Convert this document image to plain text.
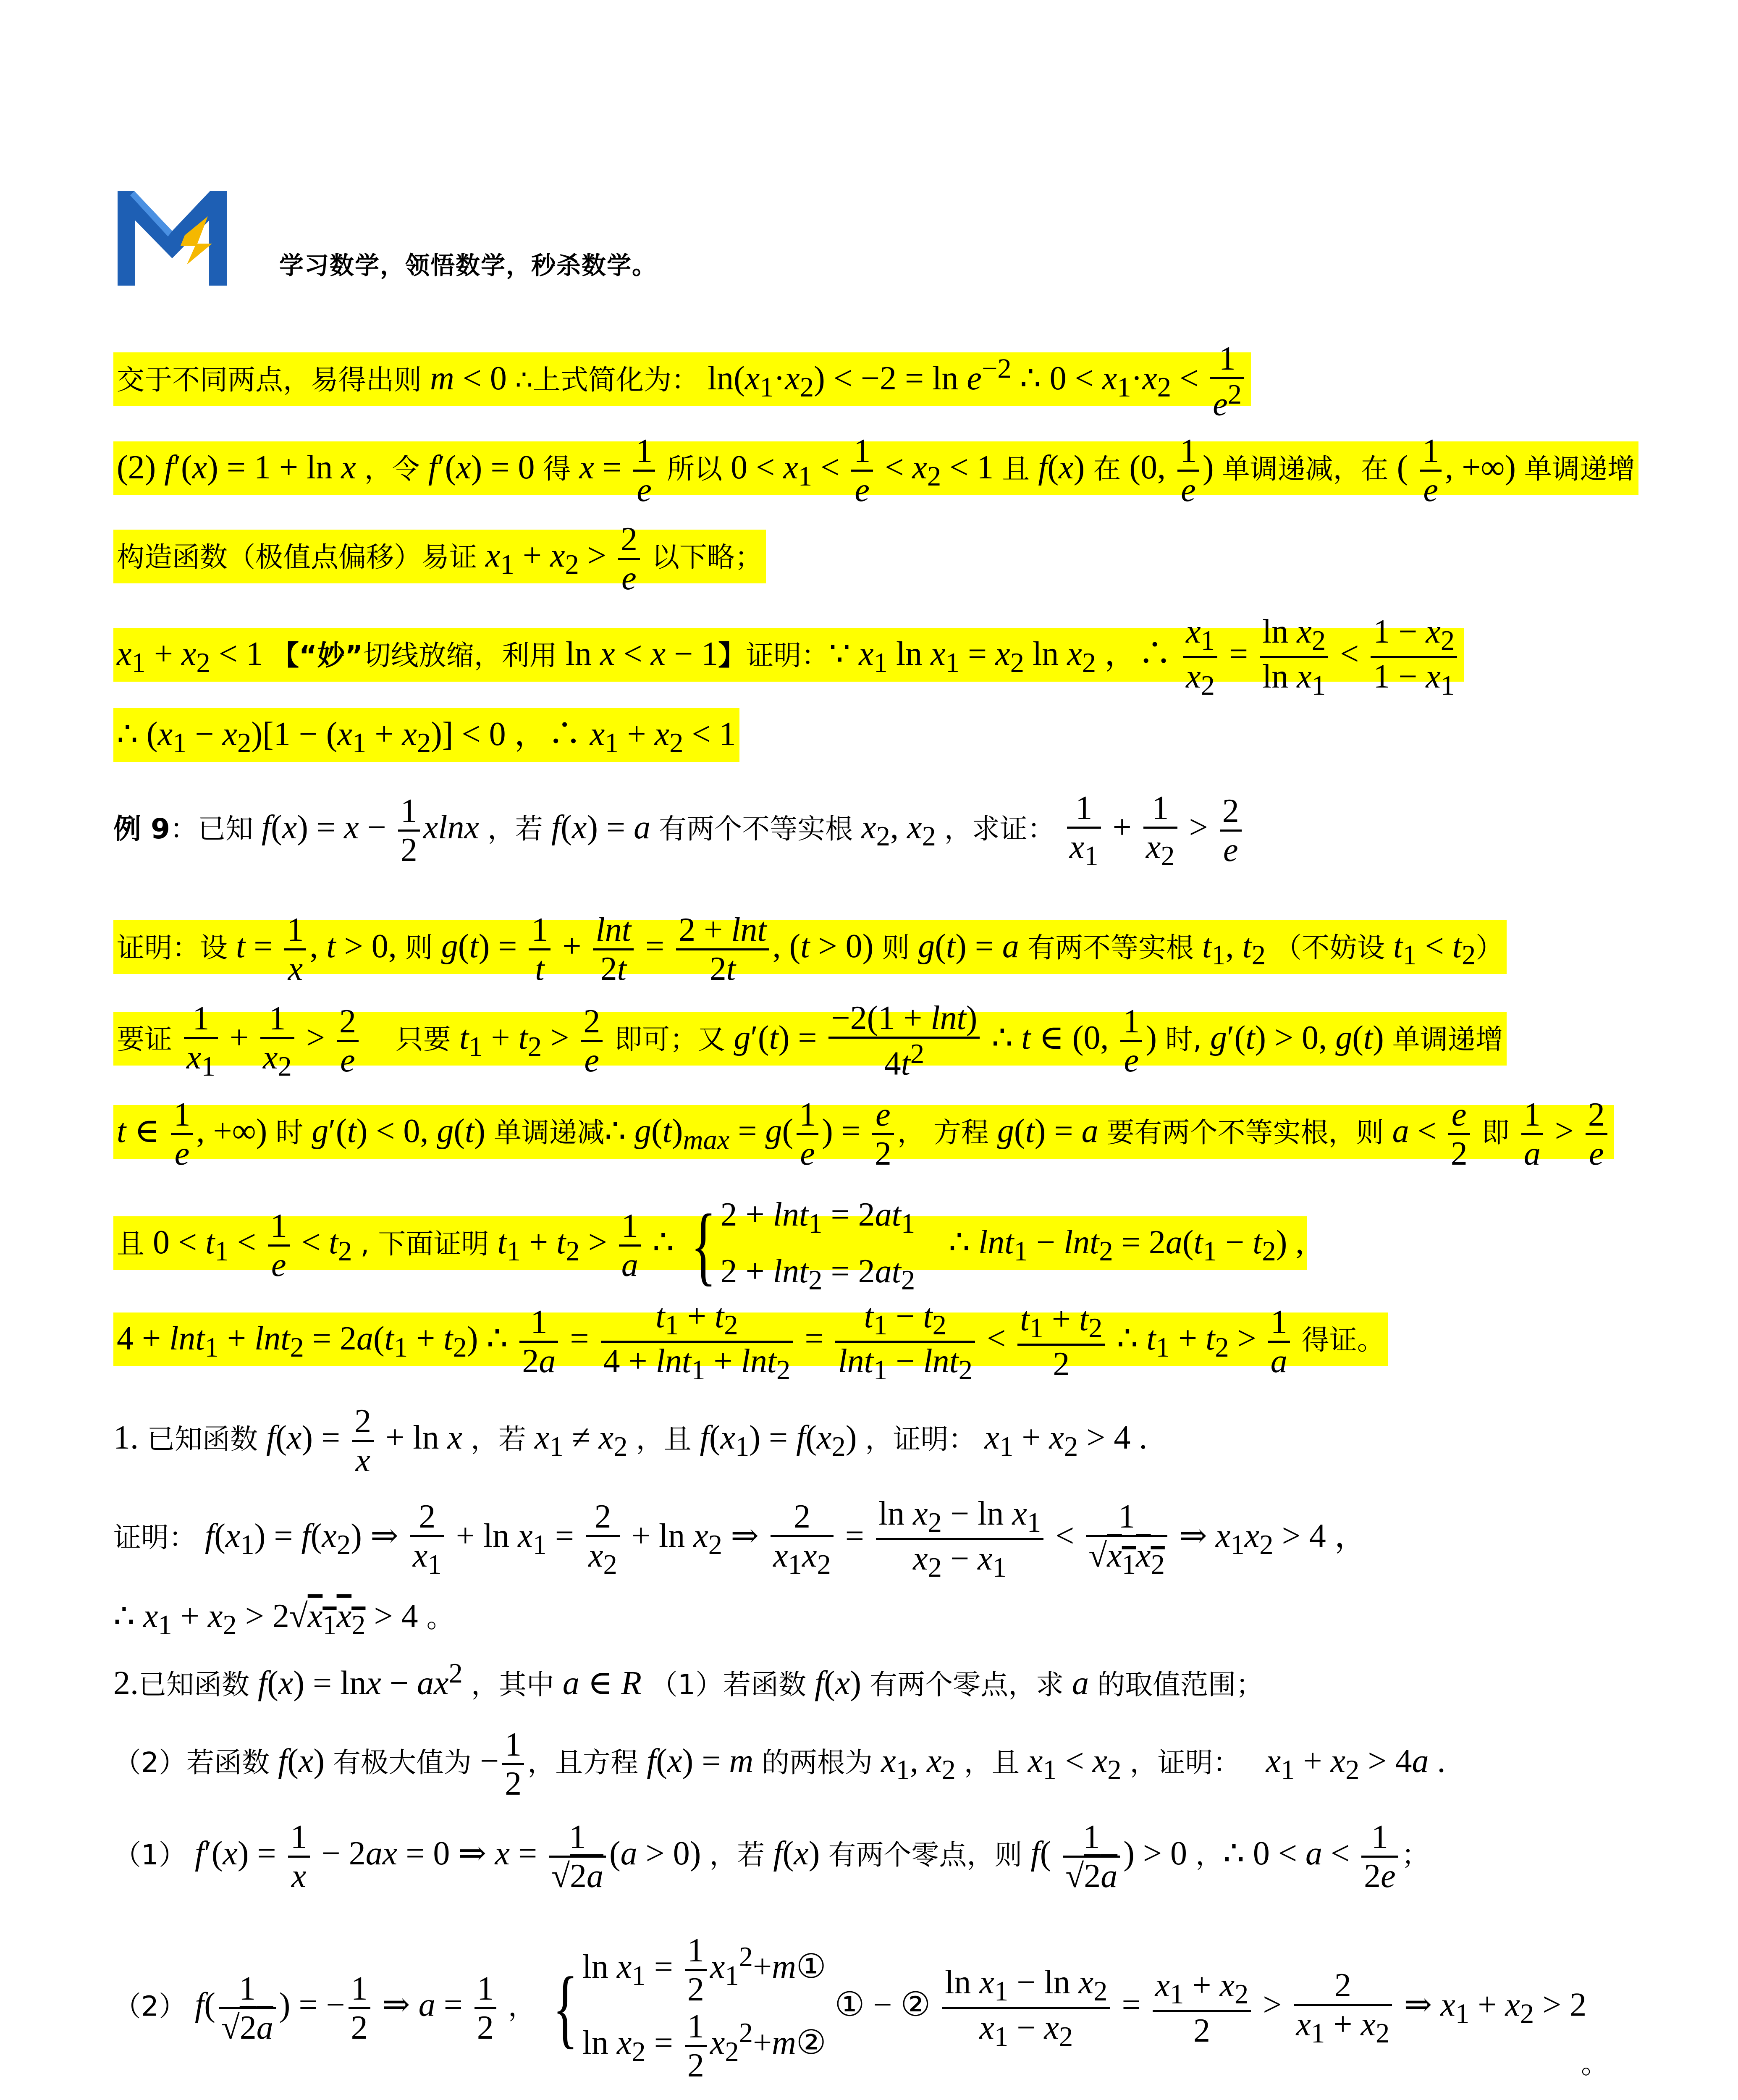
学习数学，领悟数学，秒杀数学。
交于不同两点，易得出则 m < 0 ∴上式简化为： $\ln(x_1\cdot x_2) < -2 = \ln e^{-2}$ ∴ $0 < x_1\cdot x_2 < \frac{1}{e^2}$
(2) f′(x) = 1 + ln x ，令 f′(x) = 0 得 $x = \frac{1}{e}$ 所以 $0 < x_1 < \frac{1}{e} < x_2 < 1$ 且 f(x) 在 (0, $\frac{1}{e}$ ) 单调递减，在 ( $\frac{1}{e}$ , +∞) 单调递增
构造函数（极值点偏移）易证 $x_1 + x_2 > \frac{2}{e}$ 以下略；
$x_1 + x_2 < 1$ 【“妙”切线放缩，利用 ln x < x − 1】证明：∵ $x_1$ $\ln x_1 = x_2$ $\ln x_2$ ，∴ $\frac{x_1}{x_2} = \frac{\ln x_2}{\ln x_1} < \frac{1 - x_2}{1 - x_1}$
∴ $(x_1 - x_2)[1 - (x_1 + x_2)] < 0$ ，∴ $x_1 + x_2 < 1$
例 9：已知 $f(x) = x - \frac{1}{2}$ xlnx ，若 f(x) = a 有两个不等实根 $x_2$, $x_2$ ，求证： $\frac{1}{x_1} + \frac{1}{x_2} > \frac{2}{e}$
证明：设 $t = \frac{1}{x}$ , t > 0, 则 $g(t) = \frac{1}{t} + \frac{\ln t}{2t} = \frac{2 + \ln t}{2t}$ , (t > 0) 则 g(t) = a 有两不等实根 $t_1$, $t_2$ （不妨设 $t_1 < t_2$）
要证 $\frac{1}{x_1} + \frac{1}{x_2} > \frac{2}{e}$ 只要 $t_1 + t_2 > \frac{2}{e}$ 即可；又 $g'(t) = \frac{-2(1 + \ln t)}{4t^2}$ ∴ t ∈ (0, $\frac{1}{e}$ ) 时, g′(t) > 0, g(t) 单调递增
t ∈ $\frac{1}{e}$ , +∞) 时 g′(t) < 0, g(t) 单调递减∴ $g(t)_{max} = g( \frac{1}{e}$ ) = $\frac{e}{2}$ ， 方程 g(t) = a 要有两个不等实根，则 $a < \frac{e}{2}$ 即 $\frac{1}{a} > \frac{2}{e}$
且 $0 < t_1 < \frac{1}{e} < t_2$ , 下面证明 $t_1 + t_2 > \frac{1}{a}$ ∴ { $2 + \ln t_1 = 2at_1$
$2 + \ln t_2 = 2at_2$
∴ $\ln t_1 - \ln t_2 = 2a(t_1 - t_2)$ ,
$4 + \ln t_1 + \ln t_2 = 2a(t_1 + t_2)$ ∴ $\frac{1}{2a} = \frac{t_1 + t_2}{4 + \ln t_1 + \ln t_2} = \frac{t_1 - t_2}{\ln t_1 - \ln t_2} < \frac{t_1 + t_2}{2}$ ∴ $t_1 + t_2 > \frac{1}{a}$ 得证。
1. 已知函数 $f(x) = \frac{2}{x} + \ln x$ ，若 $x_1 \ne x_2$ ，且 $f(x_1) = f(x_2)$ ，证明： $x_1 + x_2 > 4$ .
证明： $f(x_1) = f(x_2)$ ⇒ $\frac{2}{x_1} + \ln x_1 = \frac{2}{x_2} + \ln x_2$ ⇒ $\frac{2}{x_1x_2} = \frac{\ln x_2 - \ln x_1}{x_2 - x_1} < \frac{1}{√x_1x_2}$ ⇒ $x_1x_2 > 4$ ，
∴ $x_1 + x_2 > 2√x_1x_2 > 4$ 。
2.已知函数 $f(x) = \ln x - ax^2$ ，其中 a ∈ R （1）若函数 f(x) 有两个零点，求 a 的取值范围；
（2）若函数 f(x) 有极大值为 − $\frac{1}{2}$ ，且方程 f(x) = m 的两根为 $x_1$, $x_2$ ，且 $x_1 < x_2$ ，证明： $x_1 + x_2 > 4a$ .
（1） $f'(x) = \frac{1}{x} - 2ax = 0$ ⇒ $x = \frac{1}{√2a} (a > 0)$ ，若 f(x) 有两个零点，则 $f( \frac{1}{√2a}$ ) > 0 ，∴ $0 < a < \frac{1}{2e}$ ；
（2） $f( \frac{1}{√2a}$ ) = − $\frac{1}{2}$ ⇒ $a = \frac{1}{2}$ ， { $\ln x_1 = \frac{1}{2}$ $x_1^2+m①$
$\ln x_2 = \frac{1}{2}$ $x_2^2+m②$
① − ② $\frac{\ln x_1 - \ln x_2}{x_1 - x_2} = \frac{x_1 + x_2}{2} > \frac{2}{x_1 + x_2}$ ⇒ $x_1 + x_2 > 2$
。
